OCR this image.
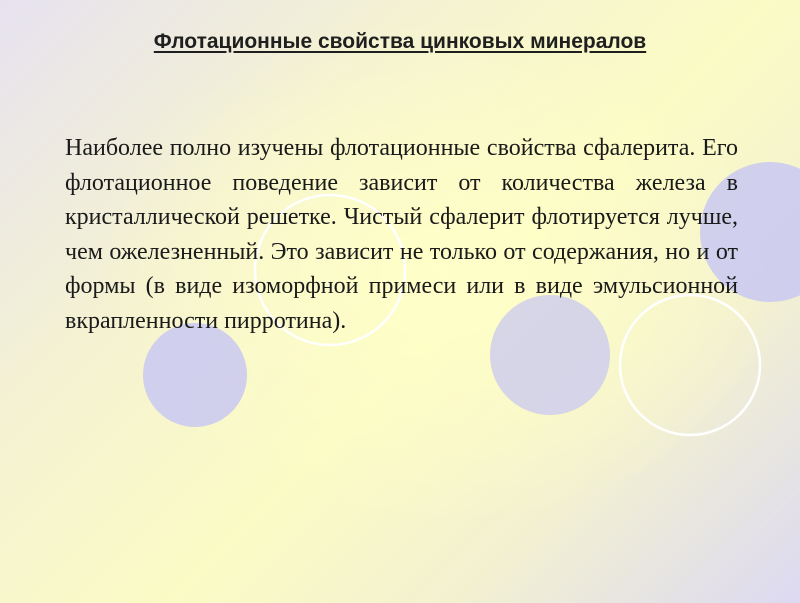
Флотационные свойства цинковых минералов

Наиболее полно изучены флотационные свойства сфалерита. Его флотационное поведение зависит от количества железа в кристаллической решетке. Чистый сфалерит флотируется лучше, чем ожелезненный. Это зависит не только от содержания, но и от формы (в виде изоморфной примеси или в виде эмульсионной вкрапленности пирротина).
